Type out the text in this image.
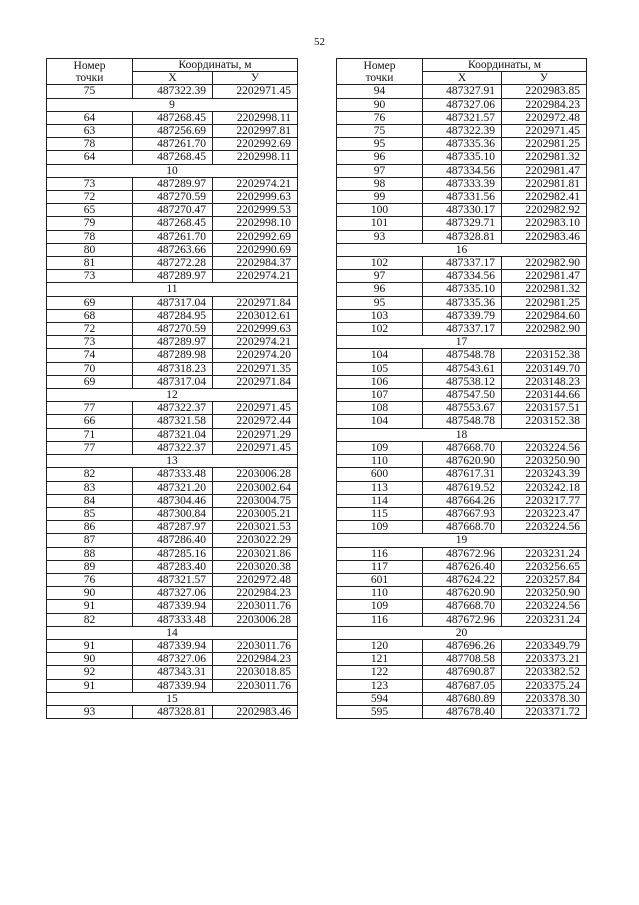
52
Номер
точки	Координаты, м	
	X	У
75	487322.39	2202971.45
9		
64	487268.45	2202998.11
63	487256.69	2202997.81
78	487261.70	2202992.69
64	487268.45	2202998.11
10		
73	487289.97	2202974.21
72	487270.59	2202999.63
65	487270.47	2202999.53
79	487268.45	2202998.10
78	487261.70	2202992.69
80	487263.66	2202990.69
81	487272.28	2202984.37
73	487289.97	2202974.21
11		
69	487317.04	2202971.84
68	487284.95	2203012.61
72	487270.59	2202999.63
73	487289.97	2202974.21
74	487289.98	2202974.20
70	487318.23	2202971.35
69	487317.04	2202971.84
12		
77	487322.37	2202971.45
66	487321.58	2202972.44
71	487321.04	2202971.29
77	487322.37	2202971.45
13		
82	487333.48	2203006.28
83	487321.20	2203002.64
84	487304.46	2203004.75
85	487300.84	2203005.21
86	487287.97	2203021.53
87	487286.40	2203022.29
88	487285.16	2203021.86
89	487283.40	2203020.38
76	487321.57	2202972.48
90	487327.06	2202984.23
91	487339.94	2203011.76
82	487333.48	2203006.28
14		
91	487339.94	2203011.76
90	487327.06	2202984.23
92	487343.31	2203018.85
91	487339.94	2203011.76
15		
93	487328.81	2202983.46
Номер
точки	Координаты, м	
	X	У
94	487327.91	2202983.85
90	487327.06	2202984.23
76	487321.57	2202972.48
75	487322.39	2202971.45
95	487335.36	2202981.25
96	487335.10	2202981.32
97	487334.56	2202981.47
98	487333.39	2202981.81
99	487331.56	2202982.41
100	487330.17	2202982.92
101	487329.71	2202983.10
93	487328.81	2202983.46
16		
102	487337.17	2202982.90
97	487334.56	2202981.47
96	487335.10	2202981.32
95	487335.36	2202981.25
103	487339.79	2202984.60
102	487337.17	2202982.90
17		
104	487548.78	2203152.38
105	487543.61	2203149.70
106	487538.12	2203148.23
107	487547.50	2203144.66
108	487553.67	2203157.51
104	487548.78	2203152.38
18		
109	487668.70	2203224.56
110	487620.90	2203250.90
600	487617.31	2203243.39
113	487619.52	2203242.18
114	487664.26	2203217.77
115	487667.93	2203223.47
109	487668.70	2203224.56
19		
116	487672.96	2203231.24
117	487626.40	2203256.65
601	487624.22	2203257.84
110	487620.90	2203250.90
109	487668.70	2203224.56
116	487672.96	2203231.24
20		
120	487696.26	2203349.79
121	487708.58	2203373.21
122	487690.87	2203382.52
123	487687.05	2203375.24
594	487680.89	2203378.30
595	487678.40	2203371.72
